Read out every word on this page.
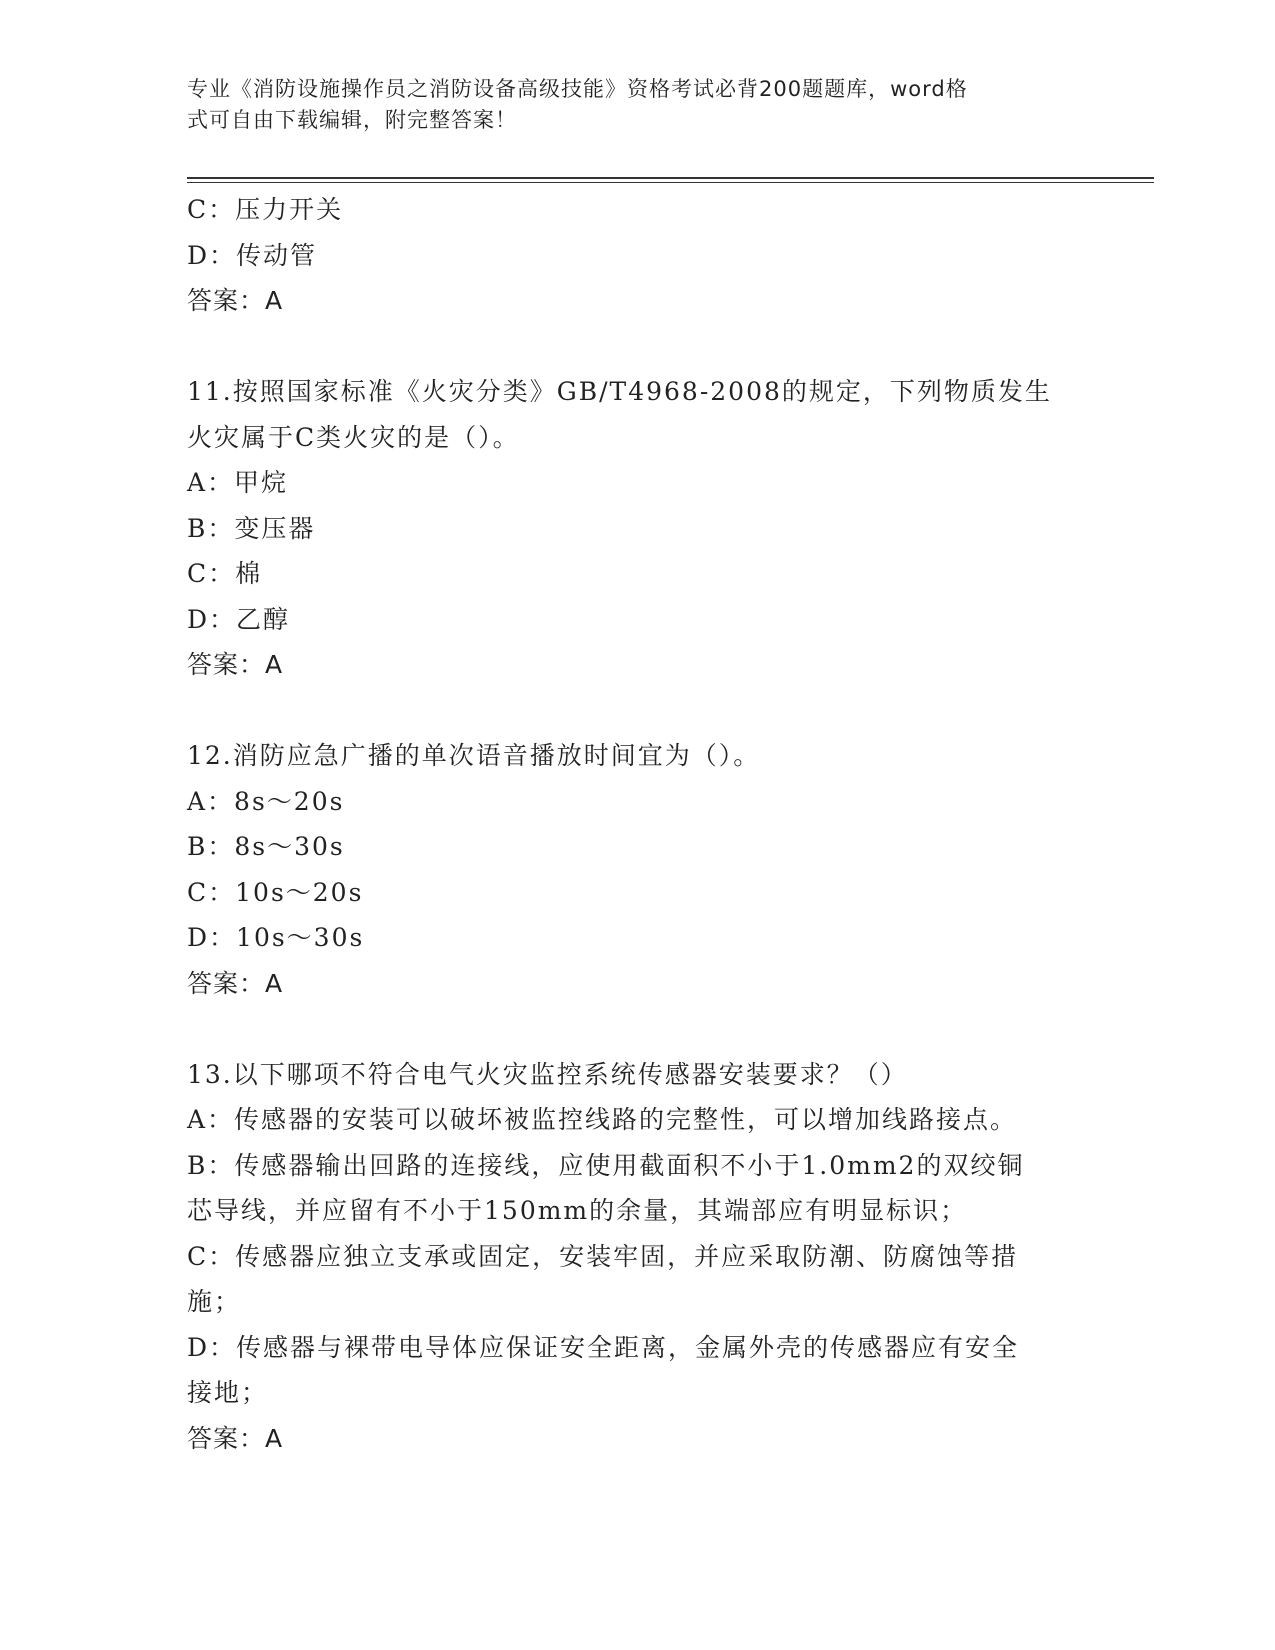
专业《消防设施操作员之消防设备高级技能》资格考试必背200题题库，word格
式可自由下载编辑，附完整答案！
C：压力开关
D：传动管
答案：A
11.按照国家标准《火灾分类》GB/T4968-2008的规定，下列物质发生
火灾属于C类火灾的是（）。
A：甲烷
B：变压器
C：棉
D：乙醇
答案：A
12.消防应急广播的单次语音播放时间宜为（）。
A：8s～20s
B：8s～30s
C：10s～20s
D：10s～30s
答案：A
13.以下哪项不符合电气火灾监控系统传感器安装要求？（）
A：传感器的安装可以破坏被监控线路的完整性，可以增加线路接点。
B：传感器输出回路的连接线，应使用截面积不小于1.0mm2的双绞铜
芯导线，并应留有不小于150mm的余量，其端部应有明显标识；
C：传感器应独立支承或固定，安装牢固，并应采取防潮、防腐蚀等措
施；
D：传感器与裸带电导体应保证安全距离，金属外壳的传感器应有安全
接地；
答案：A
